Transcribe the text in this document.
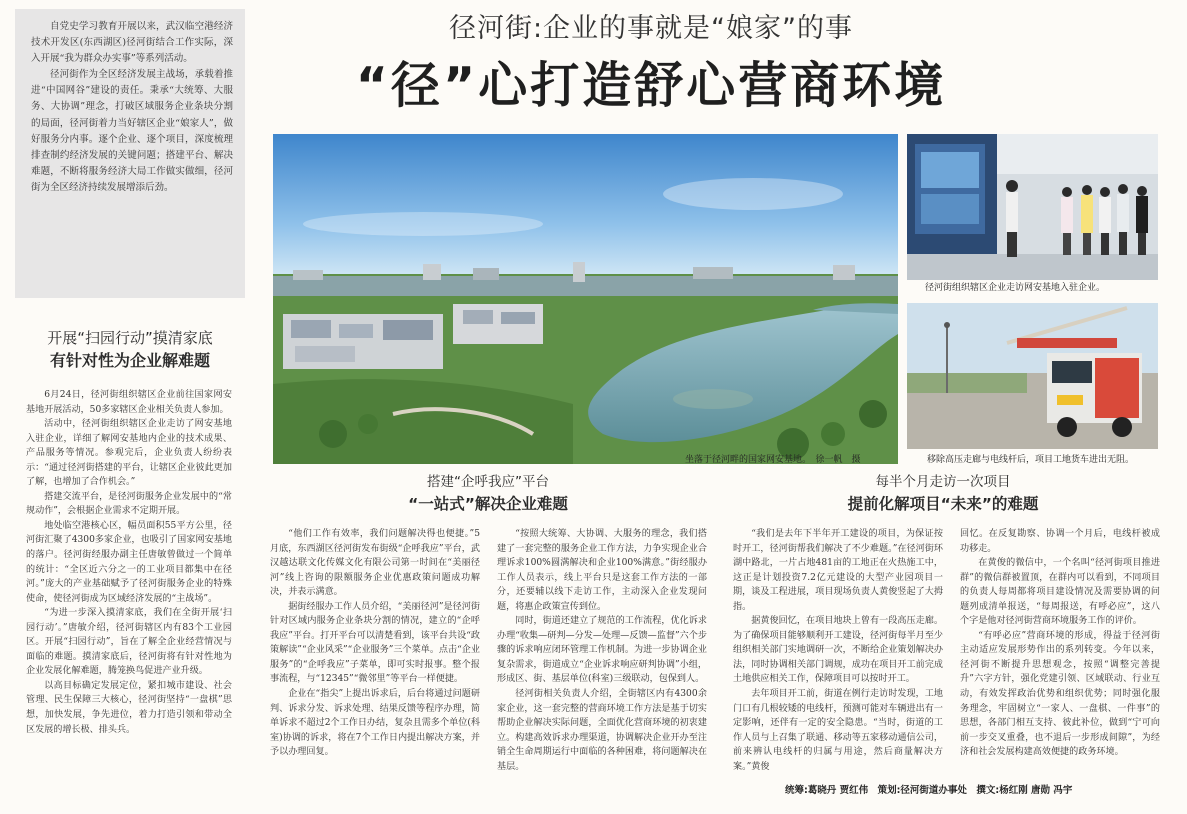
自党史学习教育开展以来，武汉临空港经济技术开发区(东西湖区)径河街结合工作实际，深入开展“我为群众办实事”等系列活动。

径河街作为全区经济发展主战场，承载着推进“中国网谷”建设的责任。秉承“大统筹、大服务、大协调”理念，打破区域服务企业条块分割的局面，径河街着力当好辖区企业“娘家人”，做好服务分内事。逐个企业、逐个项目，深度梳理排查制约经济发展的关键问题；搭建平台、解决难题，不断将服务经济大局工作做实做细，径河街为全区经济持续发展增添后劲。

径河街:企业的事就是“娘家”的事
“径”心打造舒心营商环境
坐落于径河畔的国家网安基地。　徐一帆　摄
径河街组织辖区企业走访网安基地入驻企业。
移除高压走廊与电线杆后，项目工地货车进出无阻。
开展“扫园行动”摸清家底
有针对性为企业解难题

6月24日，径河街组织辖区企业前往国家网安基地开展活动，50多家辖区企业相关负责人参加。

活动中，径河街组织辖区企业走访了网安基地入驻企业，详细了解网安基地内企业的技术成果、产品服务等情况。参观完后，企业负责人纷纷表示：“通过径河街搭建的平台，让辖区企业彼此更加了解，也增加了合作机会。”

搭建交流平台，是径河街服务企业发展中的“常规动作”，会根据企业需求不定期开展。

地处临空港核心区，幅员面积55平方公里，径河街汇聚了4300多家企业，也吸引了国家网安基地的落户。径河街经服办副主任唐敏曾做过一个简单的统计：“全区近六分之一的工业项目都集中在径河。”庞大的产业基础赋予了径河街服务企业的特殊使命，使径河街成为区域经济发展的“主战场”。

“为进一步深入摸清家底，我们在全街开展‘扫园行动’。”唐敏介绍，径河街辖区内有83个工业园区。开展“扫园行动”，旨在了解全企业经营情况与面临的难题。摸清家底后，径河街将有针对性地为企业发展化解难题，腾笼换鸟促进产业升级。

以高目标确定发展定位，紧扣城市建设、社会管理、民生保障三大核心，径河街坚持“一盘棋”思想，加快发展，争先进位，着力打造引领和带动全区发展的增长极、排头兵。

搭建“企呼我应”平台
“一站式”解决企业难题

“他们工作有效率，我们问题解决得也便捷。”5月底，东西湖区径河街发布街级“企呼我应”平台，武汉越达联文化传媒文化有限公司第一时间在“美丽径河”线上咨询的限额服务企业优惠政策问题成功解决，并表示满意。

据街经服办工作人员介绍，“美丽径河”是径河街针对区域内服务企业条块分割的情况，建立的“企呼我应”平台。打开平台可以清楚看到，该平台共设“政策解读”“企业风采”“企业服务”三个菜单。点击“企业服务”的“企呼我应”子菜单，即可实时报事。整个报事流程，与“12345”“微邻里”等平台一样便捷。

企业在“指尖”上提出诉求后，后台将通过问题研判、诉求分发、诉求处理、结果反馈等程序办理，简单诉求不超过2个工作日办结，复杂且需多个单位(科室)协调的诉求，将在7个工作日内提出解决方案，并予以办理回复。

“按照大统筹、大协调、大服务的理念，我们搭建了一套完整的服务企业工作方法，力争实现企业合理诉求100%圆满解决和企业100%满意。”街经服办工作人员表示，线上平台只是这套工作方法的一部分，还要辅以线下走访工作，主动深入企业发现问题，将惠企政策宣传到位。

同时，街道还建立了规范的工作流程，优化诉求办理“收集—研判—分发—处理—反馈—监督”六个步骤的诉求响应闭环管理工作机制。为进一步协调企业复杂需求，街道成立“企业诉求响应研判协调”小组，形成区、街、基层单位(科室)三级联动，包保到人。

径河街相关负责人介绍，全街辖区内有4300余家企业，这一套完整的营商环境工作方法是基于切实帮助企业解决实际问题，全面优化营商环境的初衷建立。构建高效诉求办理渠道，协调解决企业开办至注销全生命周期运行中面临的各种困难，将问题解决在基层。

每半个月走访一次项目
提前化解项目“未来”的难题

“我们是去年下半年开工建设的项目，为保证按时开工，径河街帮我们解决了不少难题。”在径河街环湖中路北，一片占地481亩的工地正在火热施工中，这正是计划投资7.2亿元建设的大型产业园项目一期，谈及工程进展，项目现场负责人黄俊竖起了大拇指。

据黄俊回忆，在项目地块上曾有一段高压走廊。为了确保项目能够顺利开工建设，径河街每半月至少组织相关部门实地调研一次，不断给企业策划解决办法，同时协调相关部门调规，成功在项目开工前完成土地供应相关工作，保障项目可以按时开工。

去年项目开工前，街道在例行走访时发现，工地门口有几根较矮的电线杆，预测可能对车辆进出有一定影响，还伴有一定的安全隐患。“当时，街道的工作人员与上召集了联通、移动等五家移动通信公司，前来辨认电线杆的归属与用途，然后商量解决方案。”黄俊

回忆。在反复勘察、协调一个月后，电线杆被成功移走。

在黄俊的微信中，一个名叫“径河街项目推进群”的微信群被置顶，在群内可以看到，不同项目的负责人每周都将项目建设情况及需要协调的问题列成清单报送，“每周报送，有呼必应”，这八个字是他对径河街营商环境服务工作的评价。

“有呼必应”营商环境的形成，得益于径河街主动适应发展形势作出的系列转变。今年以来，径河街不断提升思想观念，按照“调整完善提升”六字方针，强化党建引领、区域联动、行业互动，有效发挥政治优势和组织优势；同时强化服务理念，牢固树立“一家人、一盘棋、一件事”的思想，各部门相互支持、彼此补位，做到“宁可向前一步交叉重叠，也不退后一步形成间隙”，为经济和社会发展构建高效便捷的政务环境。

统筹:葛晓丹 贾红伟　策划:径河街道办事处　撰文:杨红刚 唐勋 冯宇
